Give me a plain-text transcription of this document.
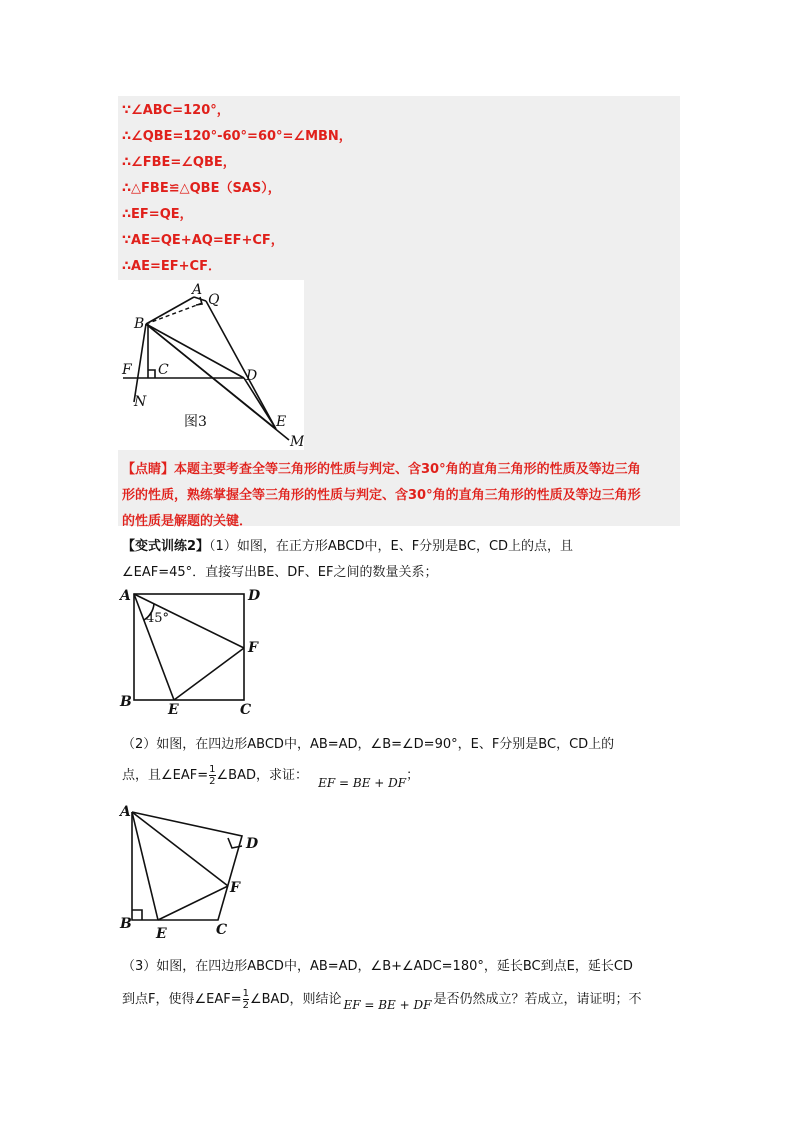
∵∠ABC=120°，
∴∠QBE=120°-60°=60°=∠MBN，
∴∠FBE=∠QBE，
∴△FBE≌△QBE（SAS），
∴EF=QE，
∵AE=QE+AQ=EF+CF，
∴AE=EF+CF．
A
Q
B
F C	D
N
E
M
图3
【点睛】本题主要考查全等三角形的性质与判定、含30°角的直角三角形的性质及等边三角
形的性质，熟练掌握全等三角形的性质与判定、含30°角的直角三角形的性质及等边三角形
的性质是解题的关键．
【变式训练2】（1）如图，在正方形ABCD中，E、F分别是BC，CD上的点，且
∠EAF=45°．直接写出BE、DF、EF之间的数量关系；
A	D
B	C
E
F
45°
（2）如图，在四边形ABCD中，AB=AD，∠B=∠D=90°，E、F分别是BC，CD上的
点，且∠EAF= $\frac{1}{2}$ ∠BAD，求证： EF = BE + DF；
A
D
B
E	C
F
（3）如图，在四边形ABCD中，AB=AD，∠B+∠ADC=180°，延长BC到点E，延长CD
到点F，使得∠EAF= $\frac{1}{2}$ ∠BAD，则结论 EF = BE + DF 是否仍然成立？若成立，请证明；不
